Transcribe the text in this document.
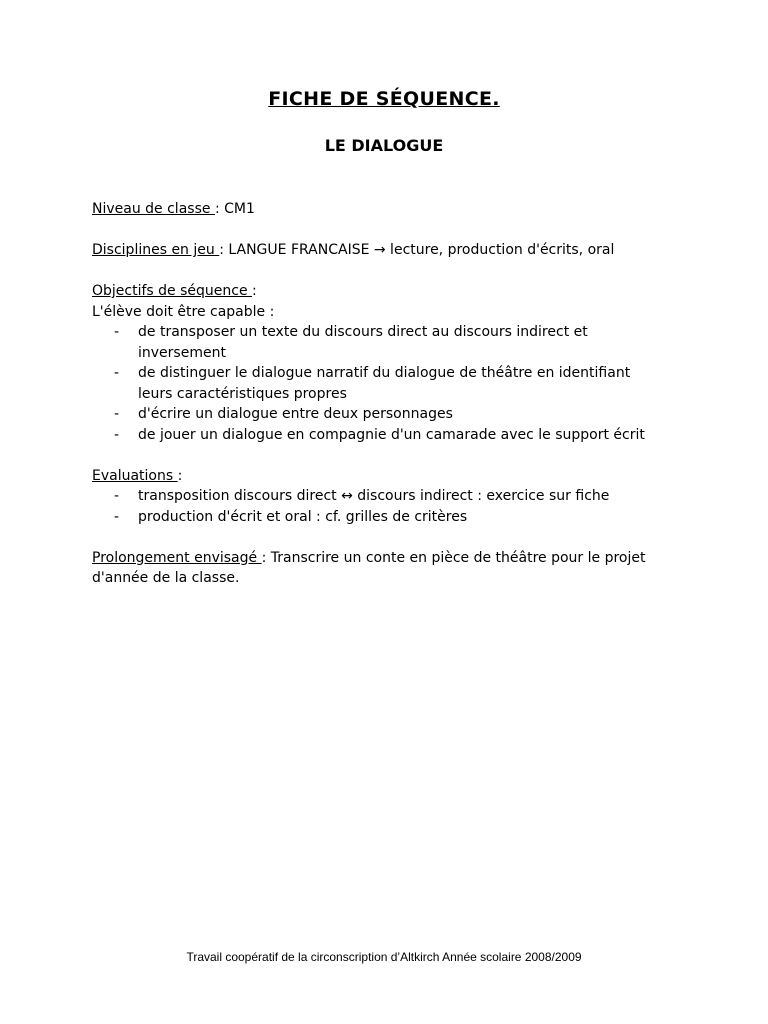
FICHE DE SÉQUENCE.
LE DIALOGUE

Niveau de classe : CM1

Disciplines en jeu : LANGUE FRANCAISE → lecture, production d'écrits, oral

Objectifs de séquence :

L'élève doit être capable :

- de transposer un texte du discours direct au discours indirect et
inversement
- de distinguer le dialogue narratif du dialogue de théâtre en identifiant
leurs caractéristiques propres
- d'écrire un dialogue entre deux personnages
- de jouer un dialogue en compagnie d'un camarade avec le support écrit

Evaluations :

- transposition discours direct ↔ discours indirect : exercice sur fiche
- production d'écrit et oral : cf. grilles de critères

Prolongement envisagé : Transcrire un conte en pièce de théâtre pour le projet

d'année de la classe.

Travail coopératif de la circonscription d’Altkirch Année scolaire 2008/2009
